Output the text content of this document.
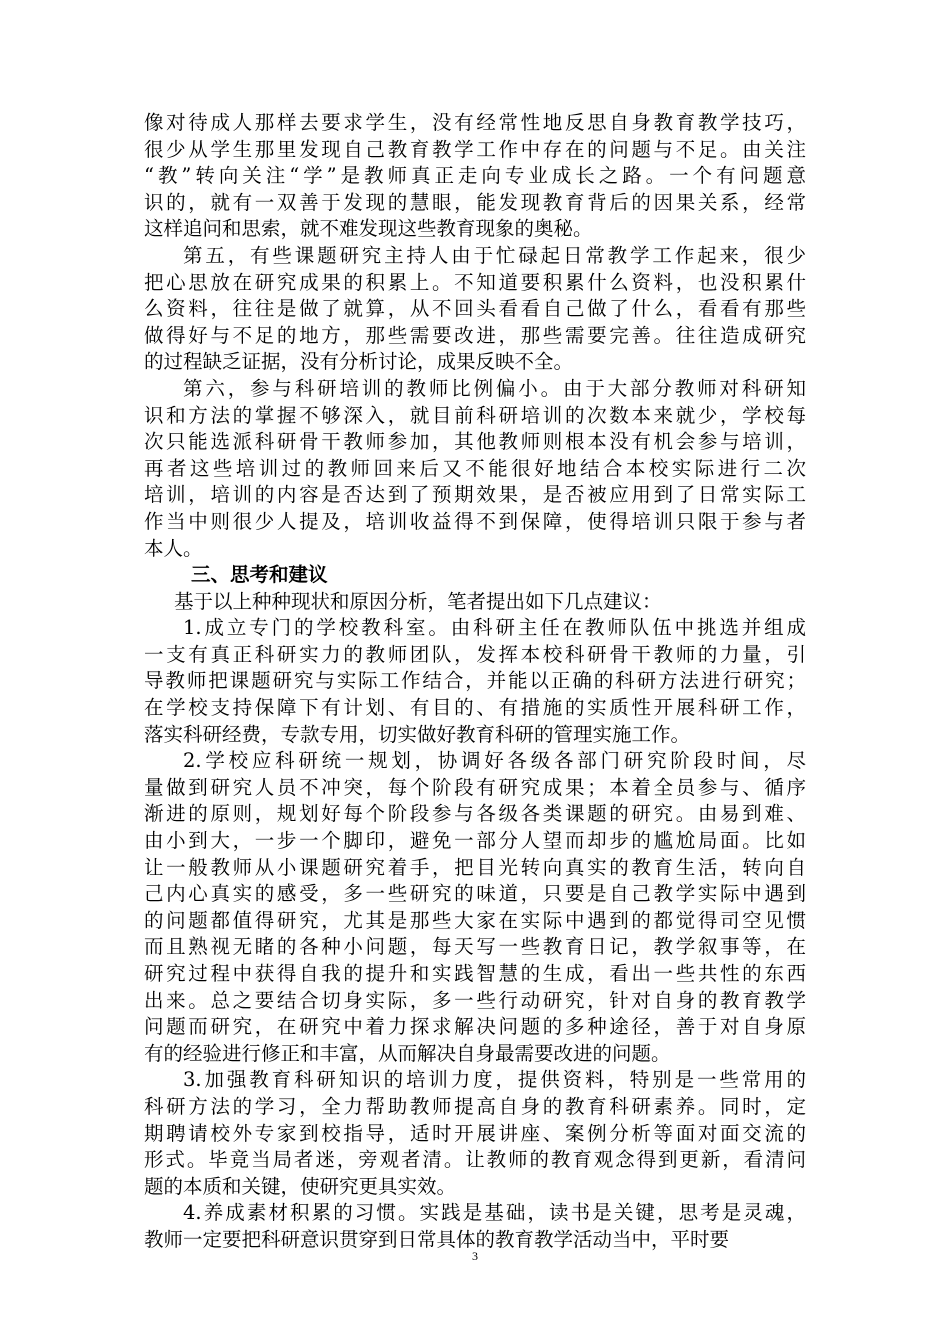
像对待成人那样去要求学生，没有经常性地反思自身教育教学技巧，
很少从学生那里发现自己教育教学工作中存在的问题与不足。由关注
“教”转向关注“学”是教师真正走向专业成长之路。一个有问题意
识的，就有一双善于发现的慧眼，能发现教育背后的因果关系，经常
这样追问和思索，就不难发现这些教育现象的奥秘。
第五，有些课题研究主持人由于忙碌起日常教学工作起来，很少
把心思放在研究成果的积累上。不知道要积累什么资料，也没积累什
么资料，往往是做了就算，从不回头看看自己做了什么，看看有那些
做得好与不足的地方，那些需要改进，那些需要完善。往往造成研究
的过程缺乏证据，没有分析讨论，成果反映不全。
第六，参与科研培训的教师比例偏小。由于大部分教师对科研知
识和方法的掌握不够深入，就目前科研培训的次数本来就少，学校每
次只能选派科研骨干教师参加，其他教师则根本没有机会参与培训，
再者这些培训过的教师回来后又不能很好地结合本校实际进行二次
培训，培训的内容是否达到了预期效果，是否被应用到了日常实际工
作当中则很少人提及，培训收益得不到保障，使得培训只限于参与者
本人。
三、思考和建议
基于以上种种现状和原因分析，笔者提出如下几点建议：
1.成立专门的学校教科室。由科研主任在教师队伍中挑选并组成
一支有真正科研实力的教师团队，发挥本校科研骨干教师的力量，引
导教师把课题研究与实际工作结合，并能以正确的科研方法进行研究；
在学校支持保障下有计划、有目的、有措施的实质性开展科研工作，
落实科研经费，专款专用，切实做好教育科研的管理实施工作。
2.学校应科研统一规划，协调好各级各部门研究阶段时间，尽
量做到研究人员不冲突，每个阶段有研究成果；本着全员参与、循序
渐进的原则，规划好每个阶段参与各级各类课题的研究。由易到难、
由小到大，一步一个脚印，避免一部分人望而却步的尴尬局面。比如
让一般教师从小课题研究着手，把目光转向真实的教育生活，转向自
己内心真实的感受，多一些研究的味道，只要是自己教学实际中遇到
的问题都值得研究，尤其是那些大家在实际中遇到的都觉得司空见惯
而且熟视无睹的各种小问题，每天写一些教育日记，教学叙事等，在
研究过程中获得自我的提升和实践智慧的生成，看出一些共性的东西
出来。总之要结合切身实际，多一些行动研究，针对自身的教育教学
问题而研究，在研究中着力探求解决问题的多种途径，善于对自身原
有的经验进行修正和丰富，从而解决自身最需要改进的问题。
3.加强教育科研知识的培训力度，提供资料，特别是一些常用的
科研方法的学习，全力帮助教师提高自身的教育科研素养。同时，定
期聘请校外专家到校指导，适时开展讲座、案例分析等面对面交流的
形式。毕竟当局者迷，旁观者清。让教师的教育观念得到更新，看清问
题的本质和关键，使研究更具实效。
4.养成素材积累的习惯。实践是基础，读书是关键，思考是灵魂，
教师一定要把科研意识贯穿到日常具体的教育教学活动当中，平时要
3
